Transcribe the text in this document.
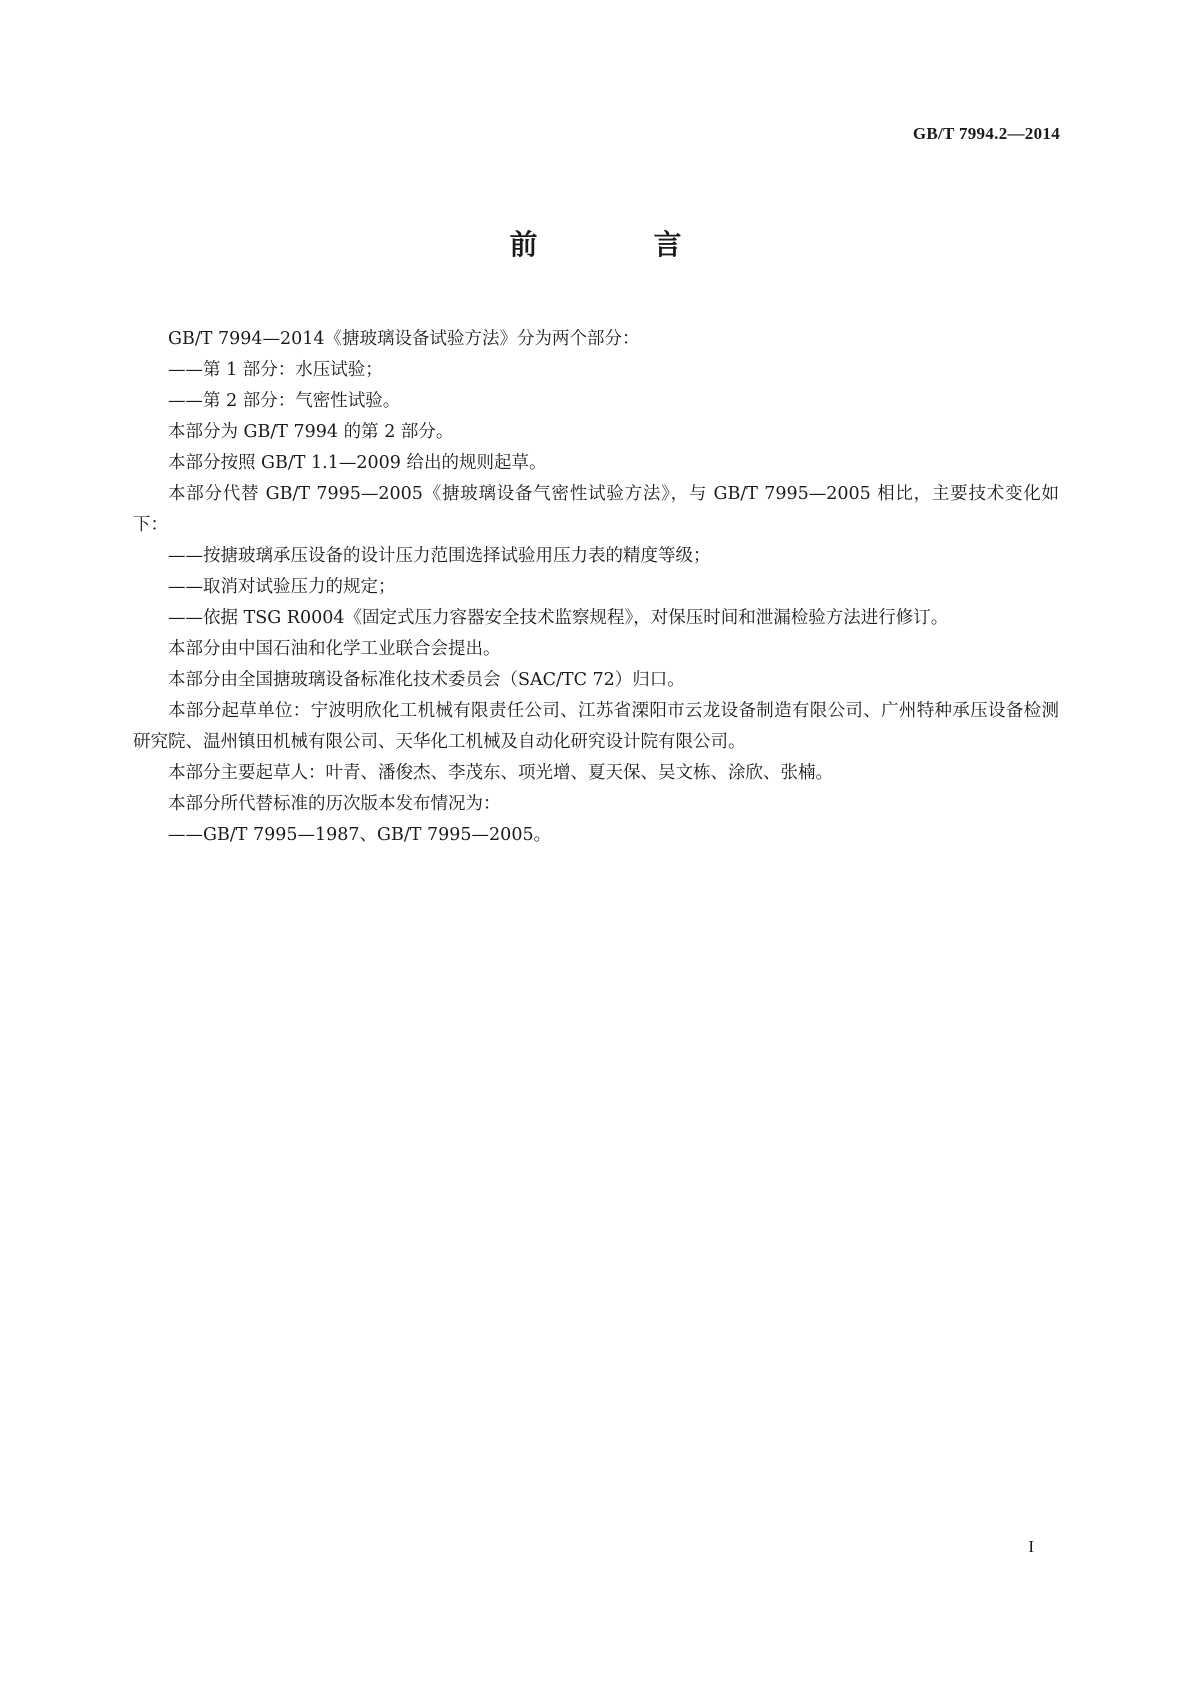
GB/T 7994.2—2014
前　言

GB/T 7994—2014《搪玻璃设备试验方法》分为两个部分：

——第 1 部分：水压试验；

——第 2 部分：气密性试验。

本部分为 GB/T 7994 的第 2 部分。

本部分按照 GB/T 1.1—2009 给出的规则起草。

本部分代替 GB/T 7995—2005《搪玻璃设备气密性试验方法》，与 GB/T 7995—2005 相比，主要技术变化如下：

——按搪玻璃承压设备的设计压力范围选择试验用压力表的精度等级；

——取消对试验压力的规定；

——依据 TSG R0004《固定式压力容器安全技术监察规程》，对保压时间和泄漏检验方法进行修订。

本部分由中国石油和化学工业联合会提出。

本部分由全国搪玻璃设备标准化技术委员会（SAC/TC 72）归口。

本部分起草单位：宁波明欣化工机械有限责任公司、江苏省溧阳市云龙设备制造有限公司、广州特种承压设备检测研究院、温州镇田机械有限公司、天华化工机械及自动化研究设计院有限公司。

本部分主要起草人：叶青、潘俊杰、李茂东、项光增、夏天保、吴文栋、涂欣、张楠。

本部分所代替标准的历次版本发布情况为：

——GB/T 7995—1987、GB/T 7995—2005。

I
